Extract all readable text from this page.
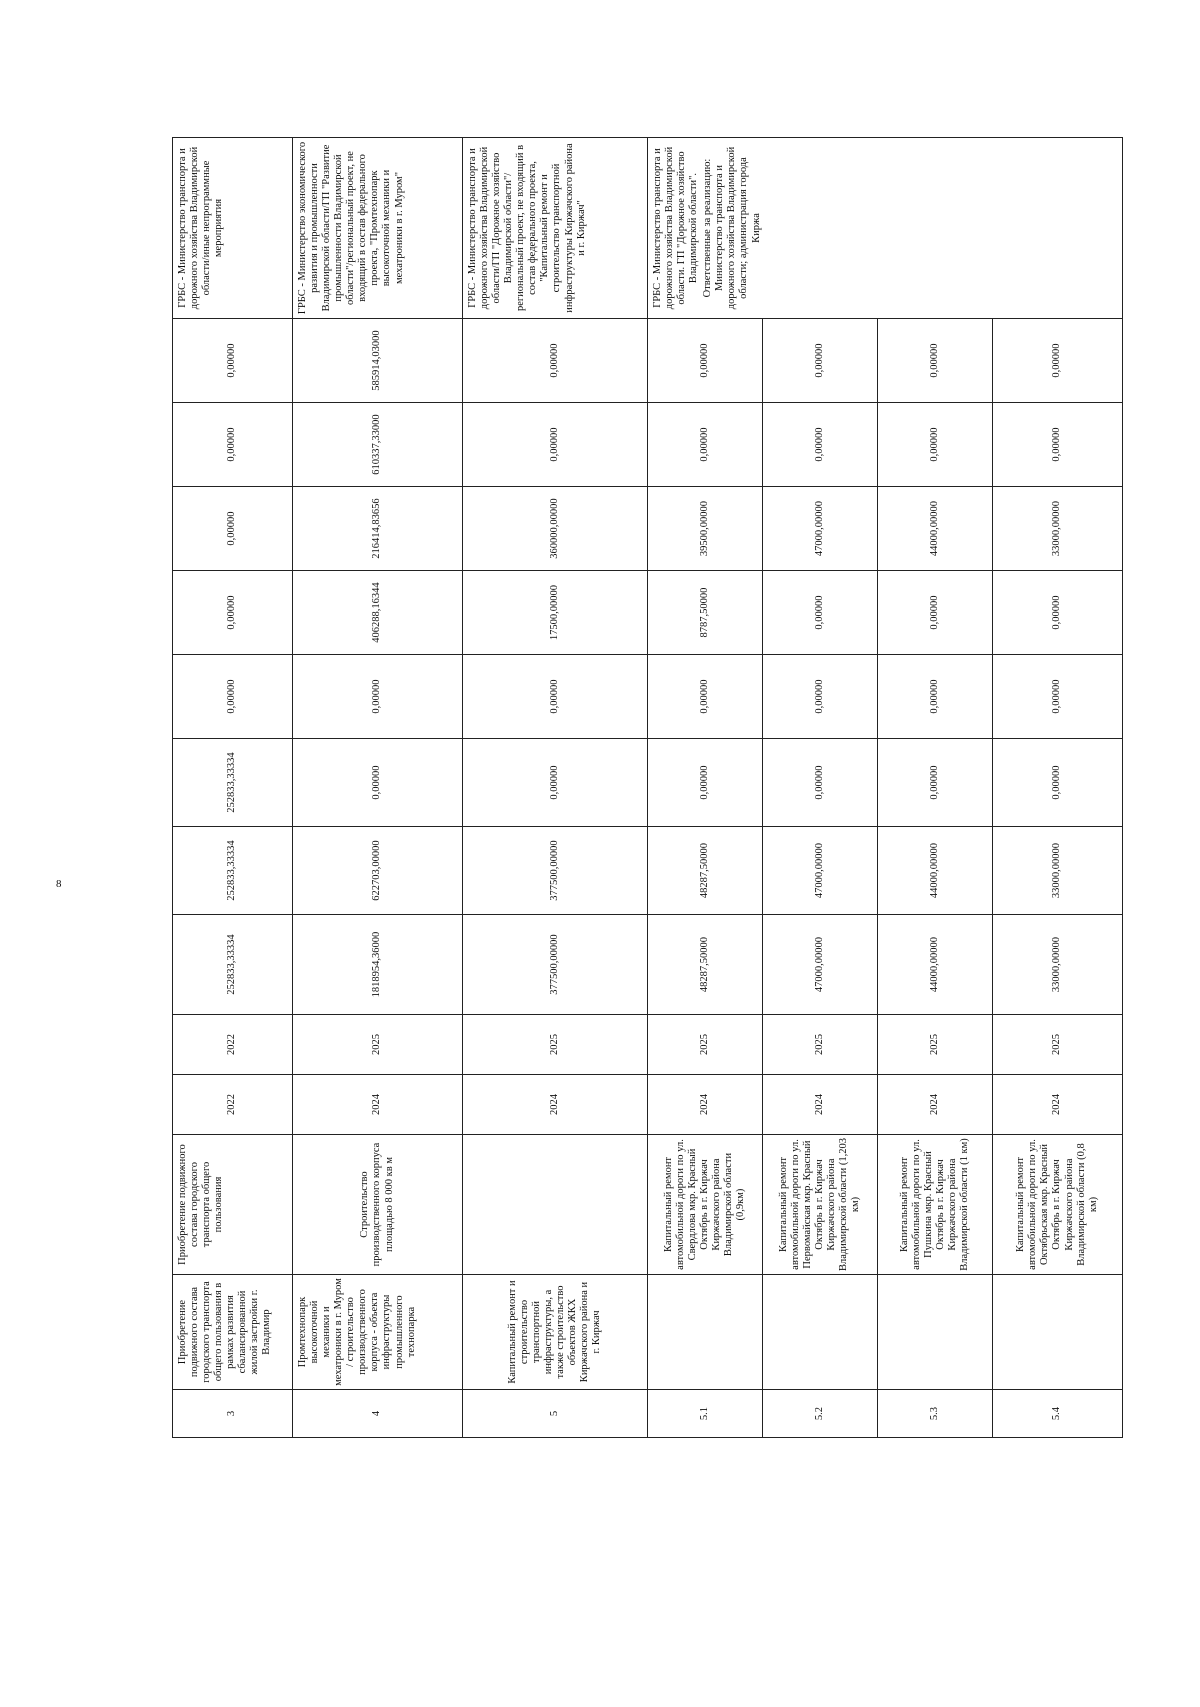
8
3	Приобретение подвижного состава городского транспорта общего пользования в рамках развития сбалансированной жилой застройки г. Владимир	Приобретение подвижного состава городского транспорта общего пользования	2022	2022	252833,33334	252833,33334	252833,33334	0,00000	0,00000	0,00000	0,00000	0,00000	ГРБС - Министерство транспорта и дорожного хозяйства Владимирской области/иные непрограммные мероприятия

4	Промтехнопарк высокоточной механики и мехатроники в г. Муром / строительство производственного корпуса - объекта инфраструктуры промышленного технопарка	Строительство производственного корпуса площадью 8 000 кв м	2024	2025	1818954,36000	622703,00000	0,00000	0,00000	406288,16344	216414,83656	610337,33000	585914,03000	ГРБС - Министерство экономического развития и промышленности Владимирской области/ГП "Развитие промышленности Владимирской области"/региональный проект, не входящий в состав федерального проекта, "Промтехнопарк высокоточной механики и мехатроники в г. Муром"

5	Капитальный ремонт и строительство транспортной инфраструктуры, а также строительство объектов ЖКХ Киржачского района и г. Киржач		2024	2025	377500,00000	377500,00000	0,00000	0,00000	17500,00000	360000,00000	0,00000	0,00000	ГРБС - Министерство транспорта и дорожного хозяйства Владимирской области/ГП "Дорожное хозяйство Владимирской области"/региональный проект, не входящий в состав федерального проекта, "Капитальный ремонт и строительство транспортной инфраструктуры Киржачского района и г. Киржач"

5.1		Капитальный ремонт автомобильной дороги по ул. Свердлова мкр. Красный Октябрь в г. Киржач Киржачского района Владимирской области (0,9км)	2024	2025	48287,50000	48287,50000	0,00000	0,00000	8787,50000	39500,00000	0,00000	0,00000	ГРБС - Министерство транспорта и дорожного хозяйства Владимирской области. ГП "Дорожное хозяйство Владимирской области". Ответственные за реализацию: Министерство транспорта и дорожного хозяйства Владимирской области; администрация города Киржа

5.2		Капитальный ремонт автомобильной дороги по ул. Первомайская мкр. Красный Октябрь в г. Киржач Киржачского района Владимирской области (1,203 км)	2024	2025	47000,00000	47000,00000	0,00000	0,00000	0,00000	47000,00000	0,00000	0,00000	
5.3		Капитальный ремонт автомобильной дороги по ул. Пушкина мкр. Красный Октябрь в г. Киржач Киржачского района Владимирской области (1 км)	2024	2025	44000,00000	44000,00000	0,00000	0,00000	0,00000	44000,00000	0,00000	0,00000	
5.4		Капитальный ремонт автомобильной дороги по ул. Октябрьская мкр. Красный Октябрь в г. Киржач Киржачского района Владимирской области (0,8 км)	2024	2025	33000,00000	33000,00000	0,00000	0,00000	0,00000	33000,00000	0,00000	0,00000	
